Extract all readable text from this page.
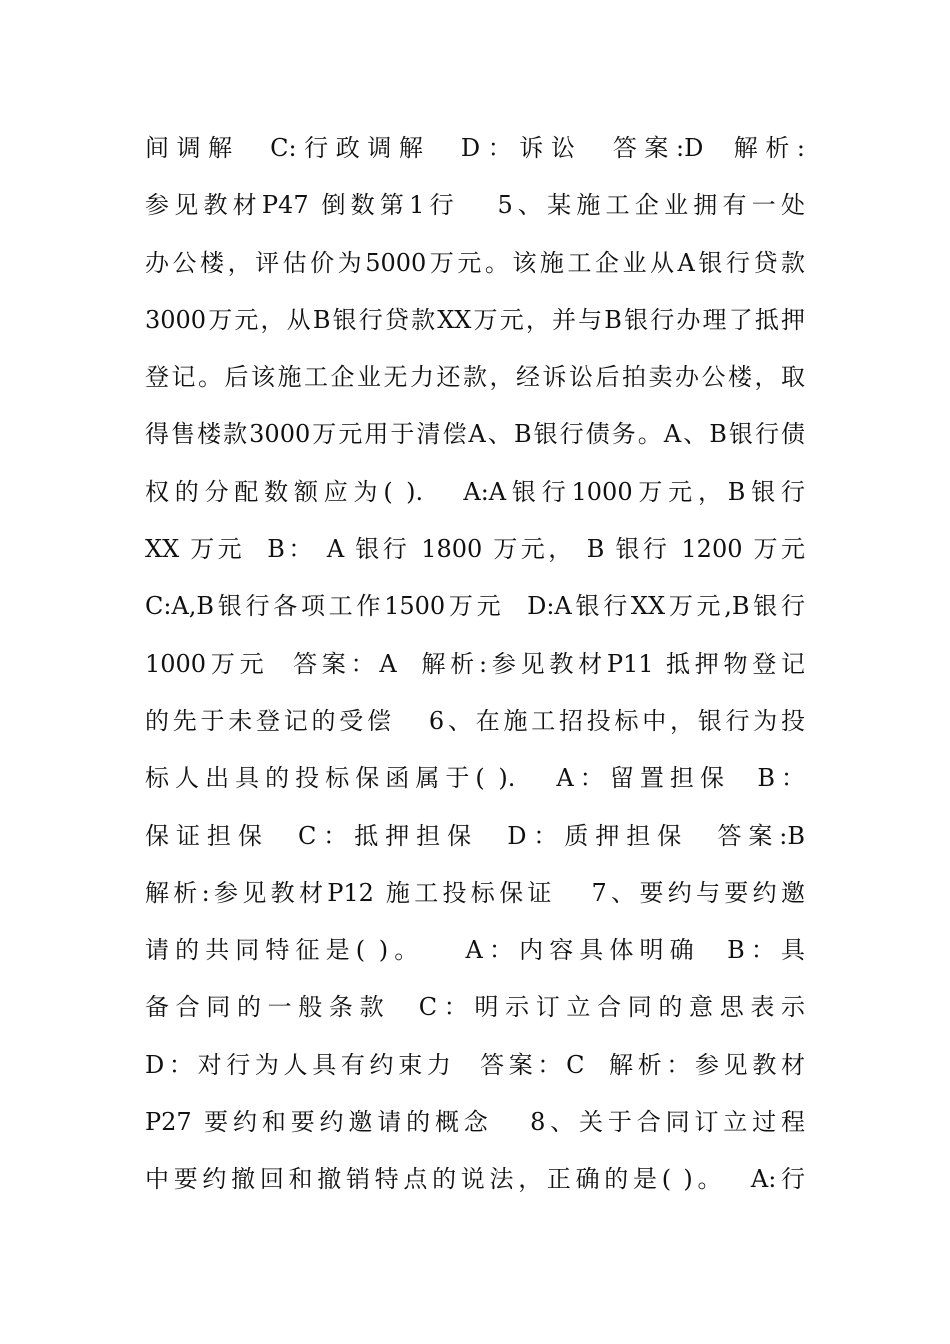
间调解  C:行政调解  D：诉讼  答案:D  解析:
参见教材P47 倒数第1行   5、某施工企业拥有一处
办公楼，评估价为5000万元。该施工企业从A银行贷款
3000万元，从B银行贷款XX万元，并与B银行办理了抵押
登记。后该施工企业无力还款，经诉讼后拍卖办公楼，取
得售楼款3000万元用于清偿A、B银行债务。A、B银行债
权的分配数额应为( ).   A:A银行1000万元，B银行
XX 万元  B： A 银行 1800 万元， B 银行 1200 万元
C:A,B银行各项工作1500万元  D:A银行XX万元,B银行
1000万元  答案：A  解析:参见教材P11 抵押物登记
的先于未登记的受偿   6、在施工招投标中，银行为投
标人出具的投标保函属于( ).   A：留置担保  B：
保证担保  C：抵押担保  D：质押担保  答案:B
解析:参见教材P12 施工投标保证   7、要约与要约邀
请的共同特征是( )。   A：内容具体明确  B：具
备合同的一般条款  C：明示订立合同的意思表示
D：对行为人具有约束力  答案：C  解析：参见教材
P27 要约和要约邀请的概念   8、关于合同订立过程
中要约撤回和撤销特点的说法，正确的是( )。  A:行
